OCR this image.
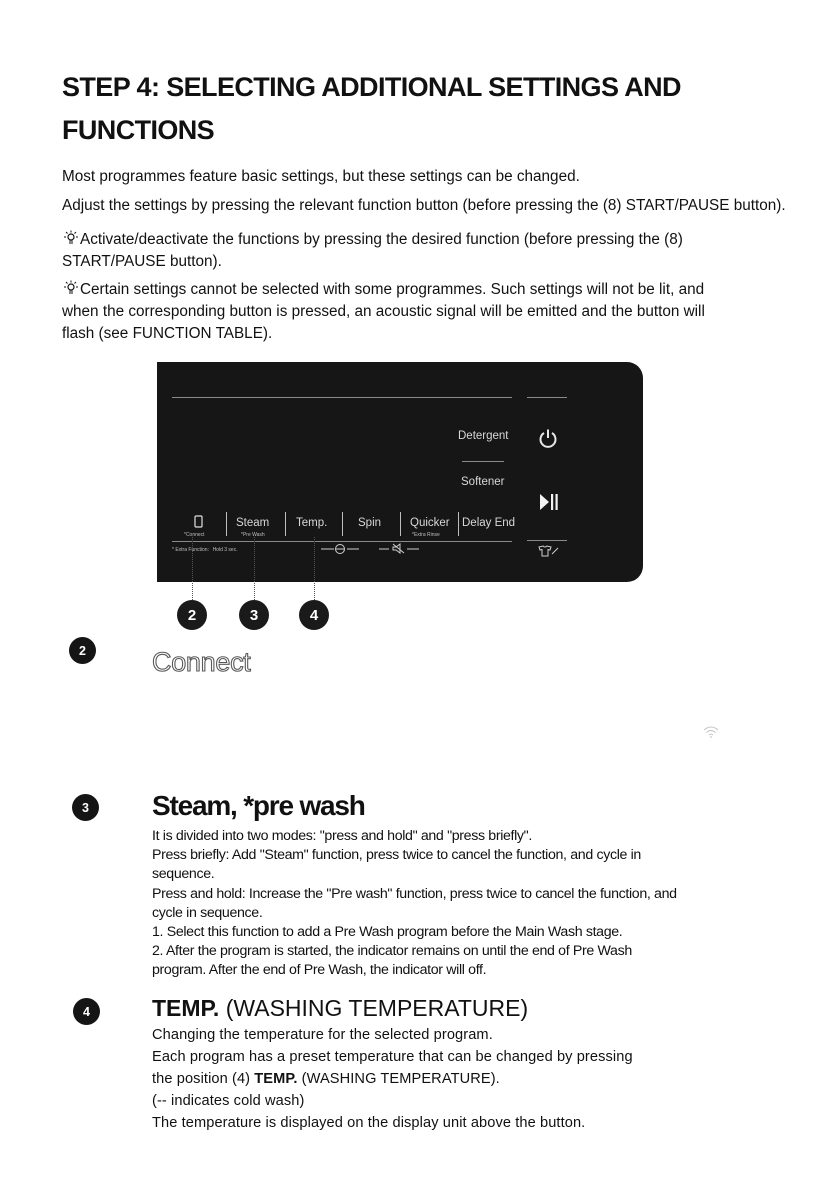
STEP 4: SELECTING ADDITIONAL SETTINGS AND
FUNCTIONS
Most programmes feature basic settings, but these settings can be changed.
Adjust the settings by pressing the relevant function button (before pressing the (8) START/PAUSE button).
Activate/deactivate the functions by pressing the desired function (before pressing the (8)
START/PAUSE button).
Certain settings cannot be selected with some programmes. Such settings will not be lit, and
when the corresponding button is pressed, an acoustic signal will be emitted and the button will
flash (see FUNCTION TABLE).
Detergent
Softener
*Connect
Steam
*Pre Wash
Temp.	Spin	Quicker
*Extra Rinse
Delay End
* Extra Function：Hold 3 sec.
2	3	4
2	Connect
3	Steam, *pre wash
It is divided into two modes: "press and hold" and "press briefly".
Press briefly: Add "Steam" function, press twice to cancel the function, and cycle in
sequence.
Press and hold: Increase the "Pre wash" function, press twice to cancel the function, and
cycle in sequence.
1. Select this function to add a Pre Wash program before the Main Wash stage.
2. After the program is started, the indicator remains on until the end of Pre Wash
program. After the end of Pre Wash, the indicator will off.
4	TEMP. (WASHING TEMPERATURE)
Changing the temperature for the selected program.
Each program has a preset temperature that can be changed by pressing
the position (4) TEMP. (WASHING TEMPERATURE).
(-- indicates cold wash)
The temperature is displayed on the display unit above the button.
